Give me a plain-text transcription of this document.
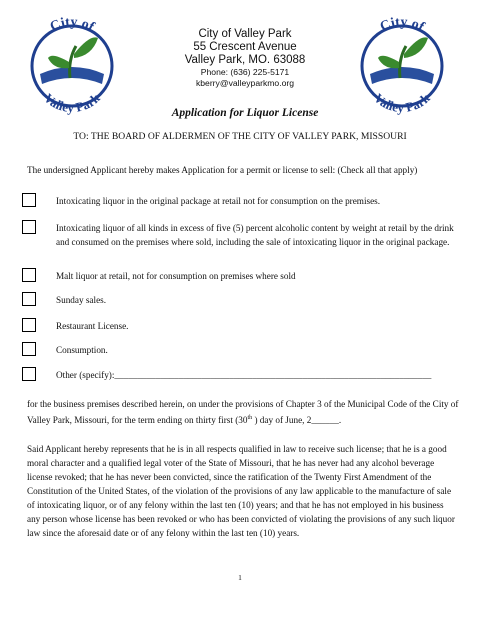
City of
Valley Park
City of
Valley Park
City of Valley Park
55 Crescent Avenue
Valley Park, MO. 63088
Phone: (636) 225-5171
kberry@valleyparkmo.org
Application for Liquor License
TO: THE BOARD OF ALDERMEN OF THE CITY OF VALLEY PARK, MISSOURI
The undersigned Applicant hereby makes Application for a permit or license to sell: (Check all that apply)
Intoxicating liquor in the original package at retail not for consumption on the premises.
Intoxicating liquor of all kinds in excess of five (5) percent alcoholic content by weight at retail by the drink and consumed on the premises where sold, including the sale of intoxicating liquor in the original package.
Malt liquor at retail, not for consumption on premises where sold
Sunday sales.
Restaurant License.
Consumption.
Other (specify):_____________________________________________________________________
for the business premises described herein, on under the provisions of Chapter 3 of the Municipal Code of the City of Valley Park, Missouri, for the term ending on thirty first (30th ) day of June, 2______.
Said Applicant hereby represents that he is in all respects qualified in law to receive such license; that he is a good moral character and a qualified legal voter of the State of Missouri, that he has never had any alcohol beverage license revoked; that he has never been convicted, since the ratification of the Twenty First Amendment of the Constitution of the United States, of the violation of the provisions of any law applicable to the manufacture of sale of intoxicating liquor, or of any felony within the last ten (10) years; and that he has not employed in his business any person whose license has been revoked or who has been convicted of violating the provisions of any such liquor law since the aforesaid date or of any felony within the last ten (10) years.
1
